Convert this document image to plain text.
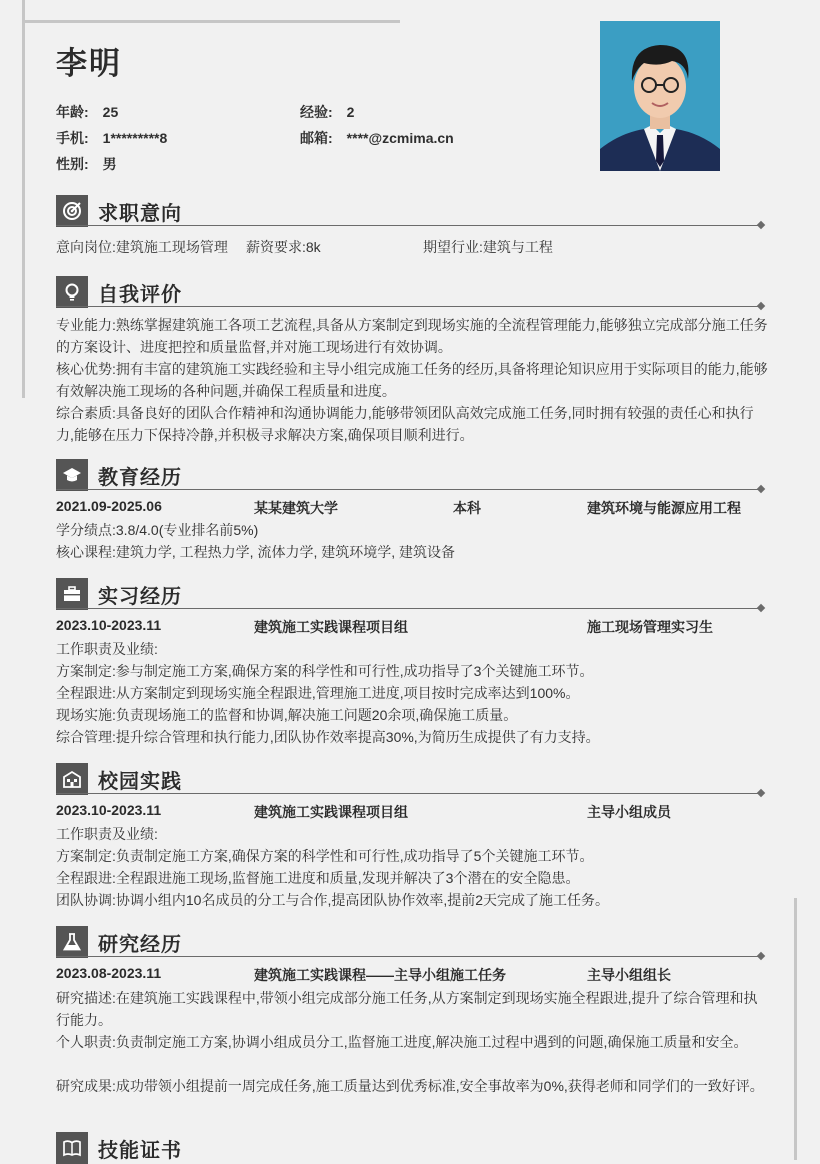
李明
年龄: 25	经验: 2
手机: 1*********8	邮箱: ****@zcmima.cn
性别: 男
求职意向
意向岗位:建筑施工现场管理 薪资要求:8k	期望行业:建筑与工程
自我评价
专业能力:熟练掌握建筑施工各项工艺流程,具备从方案制定到现场实施的全流程管理能力,能够独立完成部分施工任务的方案设计、进度把控和质量监督,并对施工现场进行有效协调。
核心优势:拥有丰富的建筑施工实践经验和主导小组完成施工任务的经历,具备将理论知识应用于实际项目的能力,能够有效解决施工现场的各种问题,并确保工程质量和进度。
综合素质:具备良好的团队合作精神和沟通协调能力,能够带领团队高效完成施工任务,同时拥有较强的责任心和执行力,能够在压力下保持冷静,并积极寻求解决方案,确保项目顺利进行。
教育经历
2021.09-2025.06	某某建筑大学	本科	建筑环境与能源应用工程
学分绩点:3.8/4.0(专业排名前5%)
核心课程:建筑力学, 工程热力学, 流体力学, 建筑环境学, 建筑设备
实习经历
2023.10-2023.11	建筑施工实践课程项目组	施工现场管理实习生
工作职责及业绩:
方案制定:参与制定施工方案,确保方案的科学性和可行性,成功指导了3个关键施工环节。
全程跟进:从方案制定到现场实施全程跟进,管理施工进度,项目按时完成率达到100%。
现场实施:负责现场施工的监督和协调,解决施工问题20余项,确保施工质量。
综合管理:提升综合管理和执行能力,团队协作效率提高30%,为简历生成提供了有力支持。
校园实践
2023.10-2023.11	建筑施工实践课程项目组	主导小组成员
工作职责及业绩:
方案制定:负责制定施工方案,确保方案的科学性和可行性,成功指导了5个关键施工环节。
全程跟进:全程跟进施工现场,监督施工进度和质量,发现并解决了3个潜在的安全隐患。
团队协调:协调小组内10名成员的分工与合作,提高团队协作效率,提前2天完成了施工任务。
研究经历
2023.08-2023.11	建筑施工实践课程——主导小组施工任务	主导小组组长
研究描述:在建筑施工实践课程中,带领小组完成部分施工任务,从方案制定到现场实施全程跟进,提升了综合管理和执行能力。
个人职责:负责制定施工方案,协调小组成员分工,监督施工进度,解决施工过程中遇到的问题,确保施工质量和安全。
研究成果:成功带领小组提前一周完成任务,施工质量达到优秀标准,安全事故率为0%,获得老师和同学们的一致好评。
技能证书
